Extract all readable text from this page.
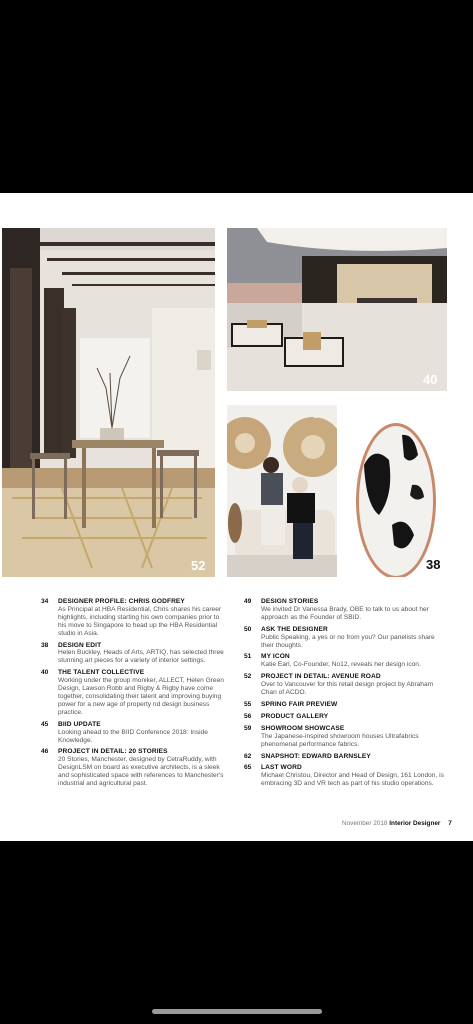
52
40
52
38
34 DESIGNER PROFILE: CHRIS GODFREY
As Principal at HBA Residential, Chris shares his career highlights, including starting his own companies prior to his move to Singapore to head up the HBA Residential studio in Asia.
38 DESIGN EDIT
Helen Buckley, Heads of Arts, ARTIQ, has selected three stunning art pieces for a variety of interior settings.
40 THE TALENT COLLECTIVE
Working under the group moniker, ALLECT, Helen Green Design, Lawson Robb and Rigby & Rigby have come together, consolidating their talent and improving buying power for a new age of property nd design business practice.
45 BIID UPDATE
Looking ahead to the BIID Conference 2018: Inside Knowledge.
46 PROJECT IN DETAIL: 20 STORIES
20 Stories, Manchester, designed by CetraRuddy, with DesignLSM on board as executive architects, is a sleek and sophisticated space with references to Manchester's industrial and agricultural past.
49 DESIGN STORIES
We invited Dr Vanessa Brady, OBE to talk to us about her approach as the Founder of SBID.
50 ASK THE DESIGNER
Public Speaking, a yes or no from you? Our panelists share their thoughts.
51 MY ICON
Katie Earl, Co-Founder, No12, reveals her design icon.
52 PROJECT IN DETAIL: AVENUE ROAD
Over to Vancouver for this retail design project by Abraham Chan of ACDO.
55 SPRING FAIR PREVIEW
56 PRODUCT GALLERY
59 SHOWROOM SHOWCASE
The Japanese-inspired showroom houses Ultrafabrics phenomenal performance fabrics.
62 SNAPSHOT: EDWARD BARNSLEY
65 LAST WORD
Michael Christou, Director and Head of Design, 161 London, is embracing 3D and VR tech as part of his studio operations.
November 2018 Interior Designer 7
